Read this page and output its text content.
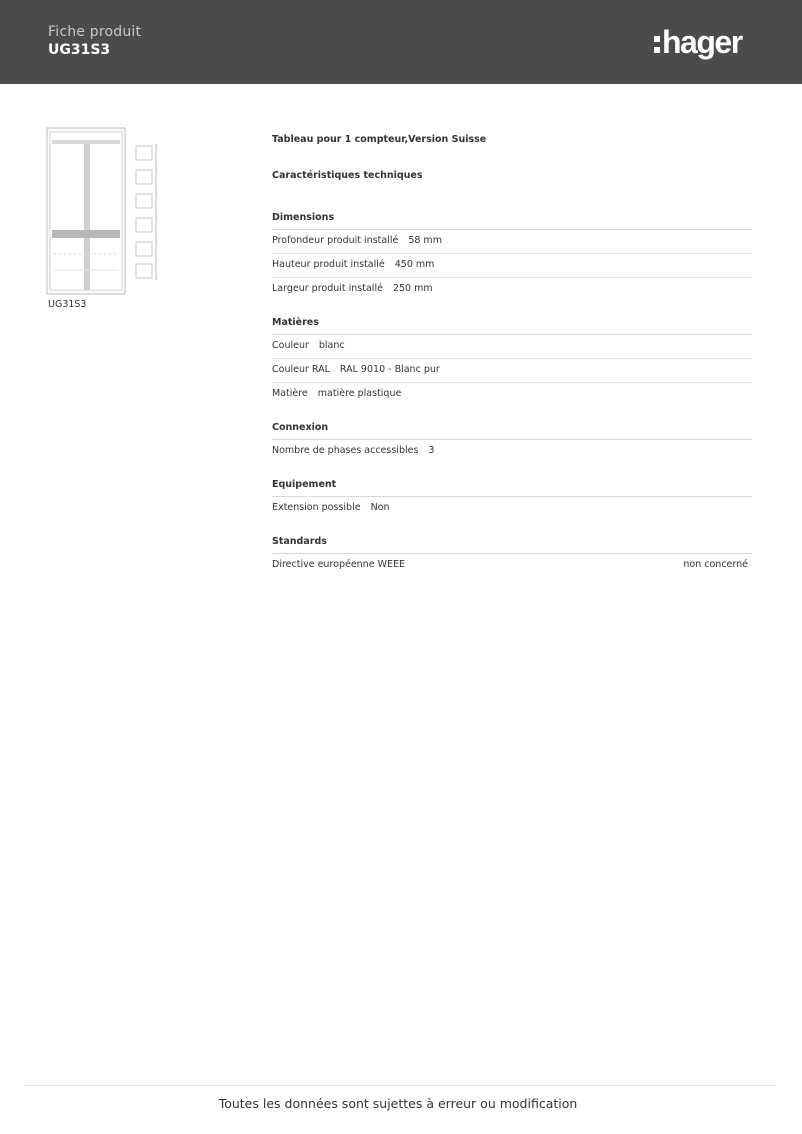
Fiche produit
UG31S3	hager
UG31S3
Tableau pour 1 compteur,Version Suisse
Caractéristiques techniques
Dimensions
Profondeur produit installé 58 mm
Hauteur produit installé 450 mm
Largeur produit installé 250 mm
Matières
Couleur blanc
Couleur RAL RAL 9010 - Blanc pur
Matière matière plastique
Connexion
Nombre de phases accessibles 3
Equipement
Extension possible Non
Standards
Directive européenne WEEE	non concerné
Toutes les données sont sujettes à erreur ou modification
